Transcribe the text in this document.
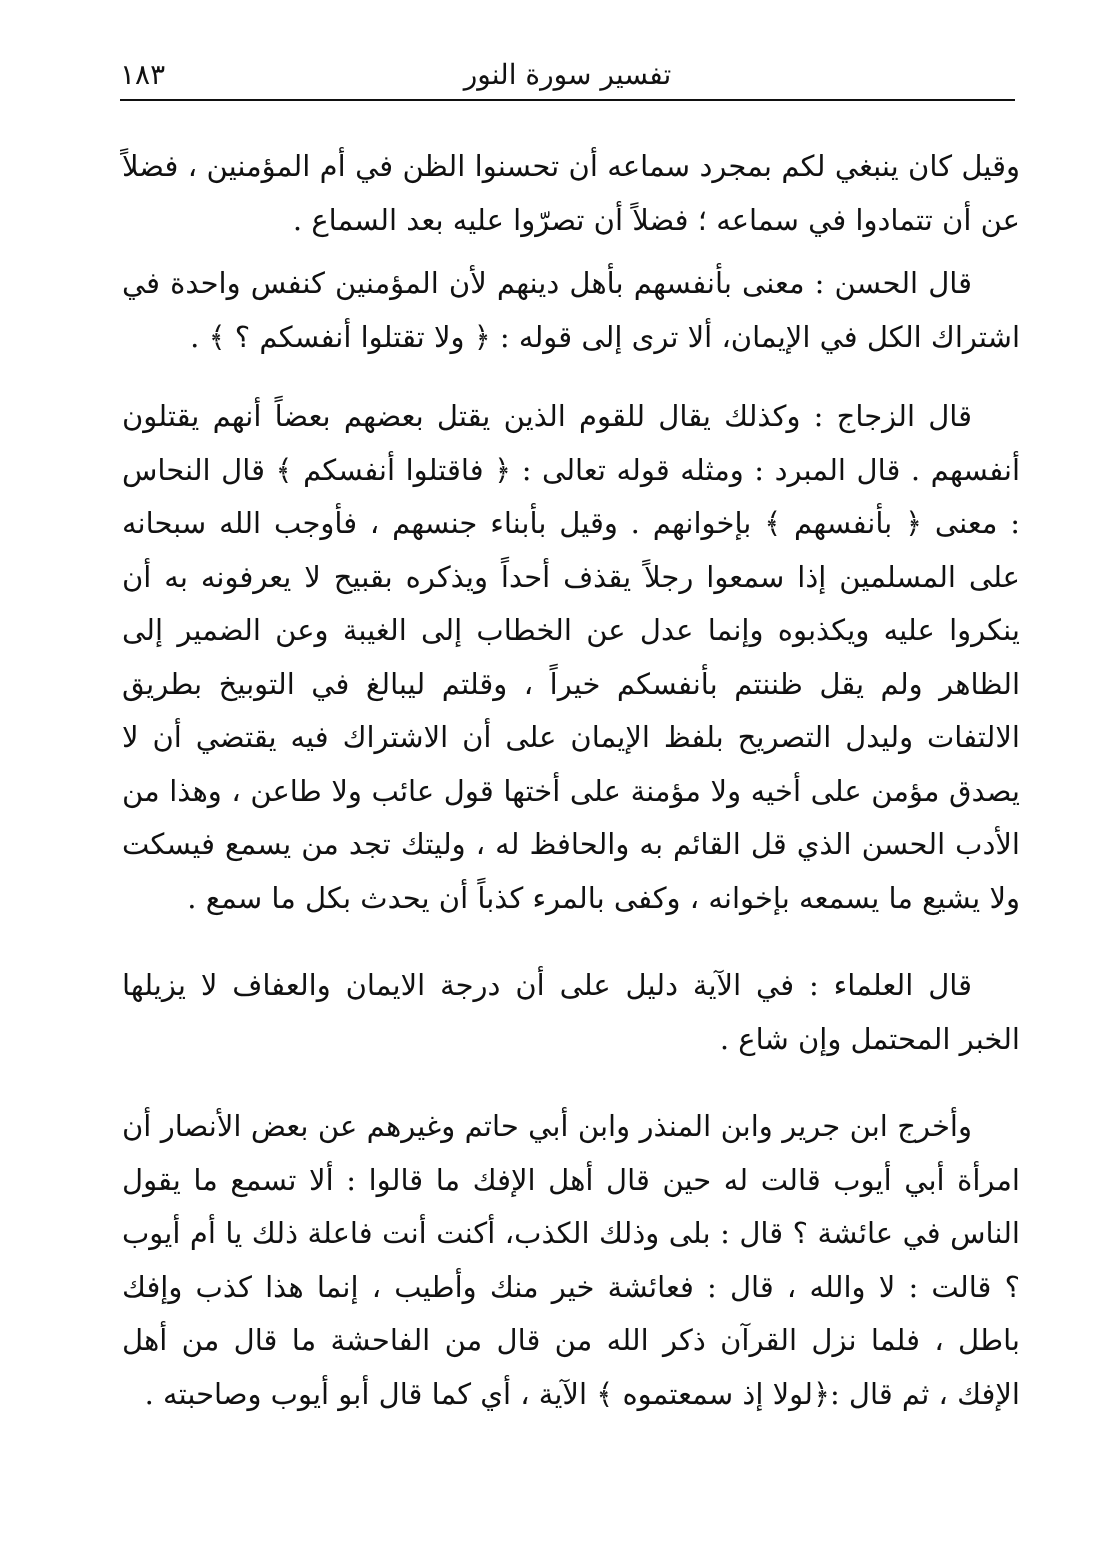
تفسير سورة النور
١٨٣

وقيل كان ينبغي لكم بمجرد سماعه أن تحسنوا الظن في أم المؤمنين ، فضلاً عن أن تتمادوا في سماعه ؛ فضلاً أن تصرّوا عليه بعد السماع .

قال الحسن : معنى بأنفسهم بأهل دينهم لأن المؤمنين كنفس واحدة في اشتراك الكل في الإيمان، ألا ترى إلى قوله : ﴿ ولا تقتلوا أنفسكم ؟ ﴾ .

قال الزجاج : وكذلك يقال للقوم الذين يقتل بعضهم بعضاً أنهم يقتلون أنفسهم . قال المبرد : ومثله قوله تعالى : ﴿ فاقتلوا أنفسكم ﴾ قال النحاس : معنى ﴿ بأنفسهم ﴾ بإخوانهم . وقيل بأبناء جنسهم ، فأوجب الله سبحانه على المسلمين إذا سمعوا رجلاً يقذف أحداً ويذكره بقبيح لا يعرفونه به أن ينكروا عليه ويكذبوه وإنما عدل عن الخطاب إلى الغيبة وعن الضمير إلى الظاهر ولم يقل ظننتم بأنفسكم خيراً ، وقلتم ليبالغ في التوبيخ بطريق الالتفات وليدل التصريح بلفظ الإيمان على أن الاشتراك فيه يقتضي أن لا يصدق مؤمن على أخيه ولا مؤمنة على أختها قول عائب ولا طاعن ، وهذا من الأدب الحسن الذي قل القائم به والحافظ له ، وليتك تجد من يسمع فيسكت ولا يشيع ما يسمعه بإخوانه ، وكفى بالمرء كذباً أن يحدث بكل ما سمع .

قال العلماء : في الآية دليل على أن درجة الايمان والعفاف لا يزيلها الخبر المحتمل وإن شاع .

وأخرج ابن جرير وابن المنذر وابن أبي حاتم وغيرهم عن بعض الأنصار أن امرأة أبي أيوب قالت له حين قال أهل الإفك ما قالوا : ألا تسمع ما يقول الناس في عائشة ؟ قال : بلى وذلك الكذب، أكنت أنت فاعلة ذلك يا أم أيوب ؟ قالت : لا والله ، قال : فعائشة خير منك وأطيب ، إنما هذا كذب وإفك باطل ، فلما نزل القرآن ذكر الله من قال من الفاحشة ما قال من أهل الإفك ، ثم قال :﴿لولا إذ سمعتموه ﴾ الآية ، أي كما قال أبو أيوب وصاحبته .
